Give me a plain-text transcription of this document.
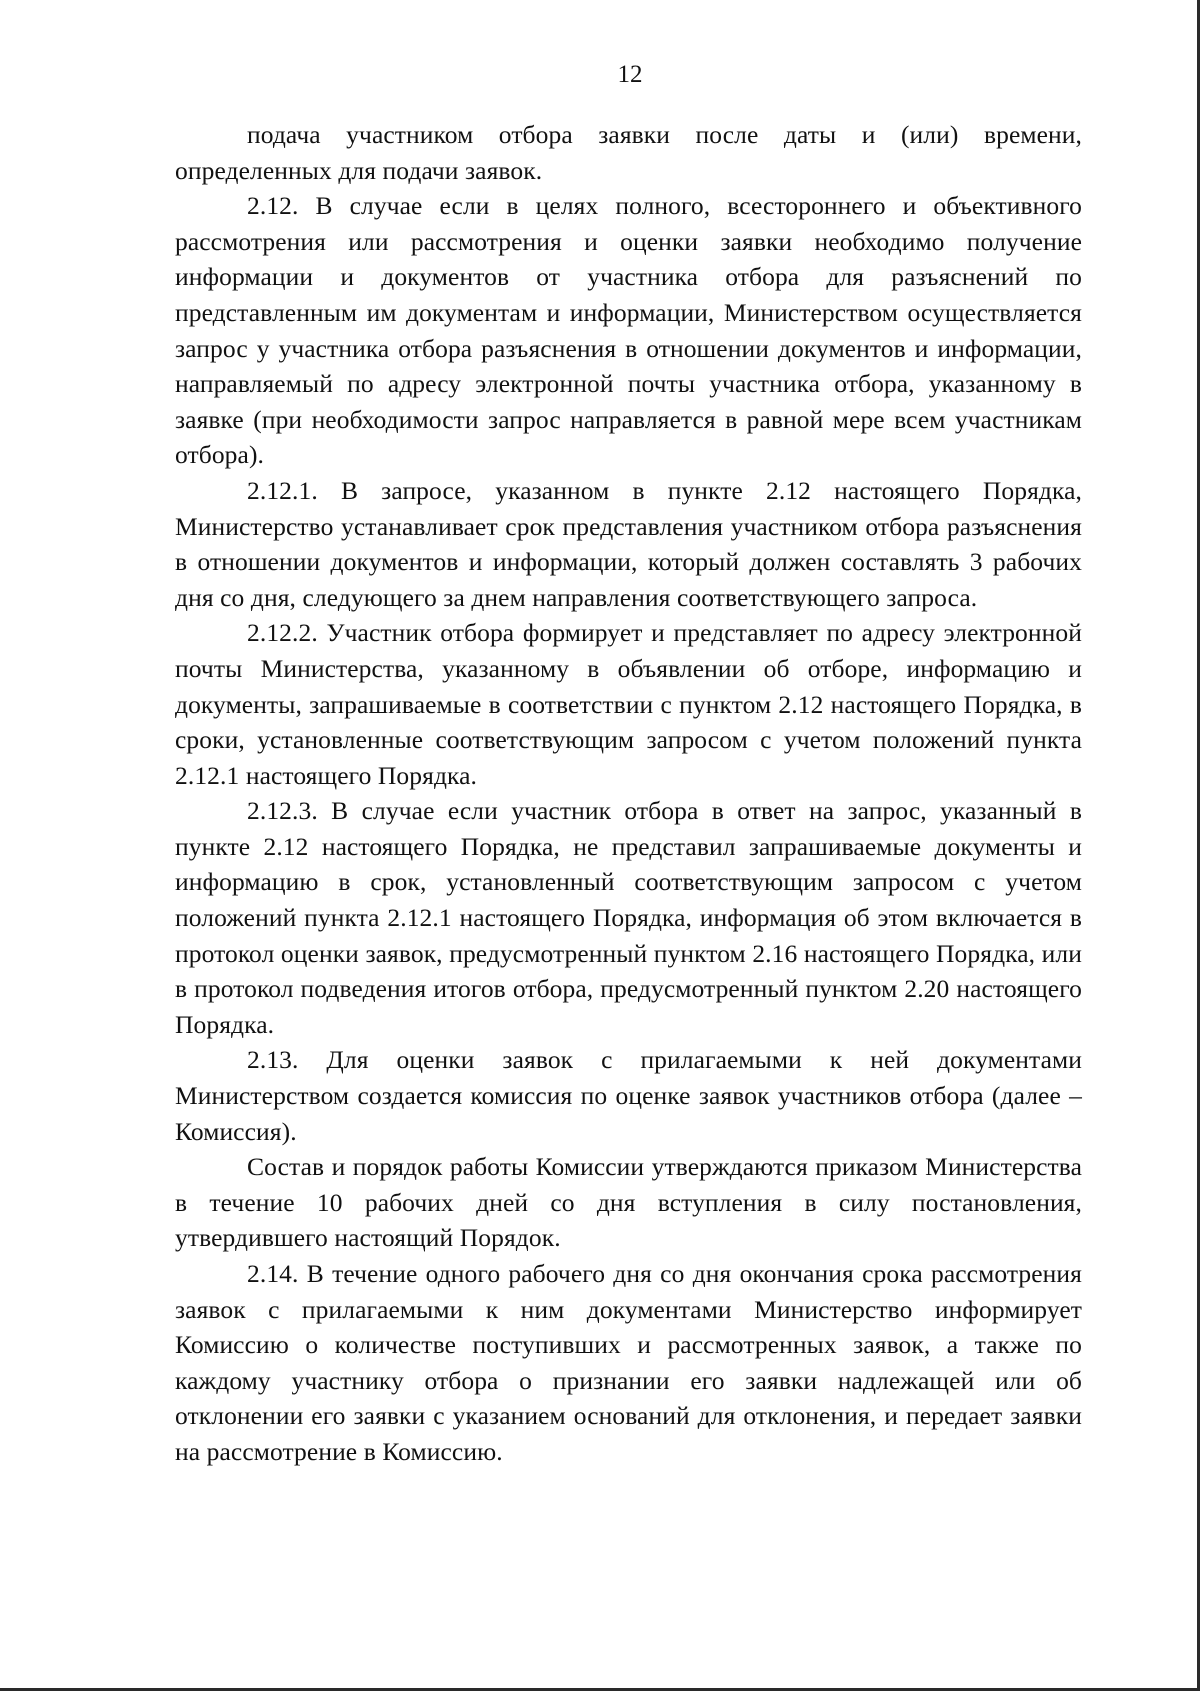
12

подача участником отбора заявки после даты и (или) времени, определенных для подачи заявок.

2.12. В случае если в целях полного, всестороннего и объективного рассмотрения или рассмотрения и оценки заявки необходимо получение информации и документов от участника отбора для разъяснений по представленным им документам и информации, Министерством осуществляется запрос у участника отбора разъяснения в отношении документов и информации, направляемый по адресу электронной почты участника отбора, указанному в заявке (при необходимости запрос направляется в равной мере всем участникам отбора).

2.12.1. В запросе, указанном в пункте 2.12 настоящего Порядка, Министерство устанавливает срок представления участником отбора разъяснения в отношении документов и информации, который должен составлять 3 рабочих дня со дня, следующего за днем направления соответствующего запроса.

2.12.2. Участник отбора формирует и представляет по адресу электронной почты Министерства, указанному в объявлении об отборе, информацию и документы, запрашиваемые в соответствии с пунктом 2.12 настоящего Порядка, в сроки, установленные соответствующим запросом с учетом положений пункта 2.12.1 настоящего Порядка.

2.12.3. В случае если участник отбора в ответ на запрос, указанный в пункте 2.12 настоящего Порядка, не представил запрашиваемые документы и информацию в срок, установленный соответствующим запросом с учетом положений пункта 2.12.1 настоящего Порядка, информация об этом включается в протокол оценки заявок, предусмотренный пунктом 2.16 настоящего Порядка, или в протокол подведения итогов отбора, предусмотренный пунктом 2.20 настоящего Порядка.

2.13. Для оценки заявок с прилагаемыми к ней документами Министерством создается комиссия по оценке заявок участников отбора (далее – Комиссия).

Состав и порядок работы Комиссии утверждаются приказом Министерства в течение 10 рабочих дней со дня вступления в силу постановления, утвердившего настоящий Порядок.

2.14. В течение одного рабочего дня со дня окончания срока рассмотрения заявок с прилагаемыми к ним документами Министерство информирует Комиссию о количестве поступивших и рассмотренных заявок, а также по каждому участнику отбора о признании его заявки надлежащей или об отклонении его заявки с указанием оснований для отклонения, и передает заявки на рассмотрение в Комиссию.
